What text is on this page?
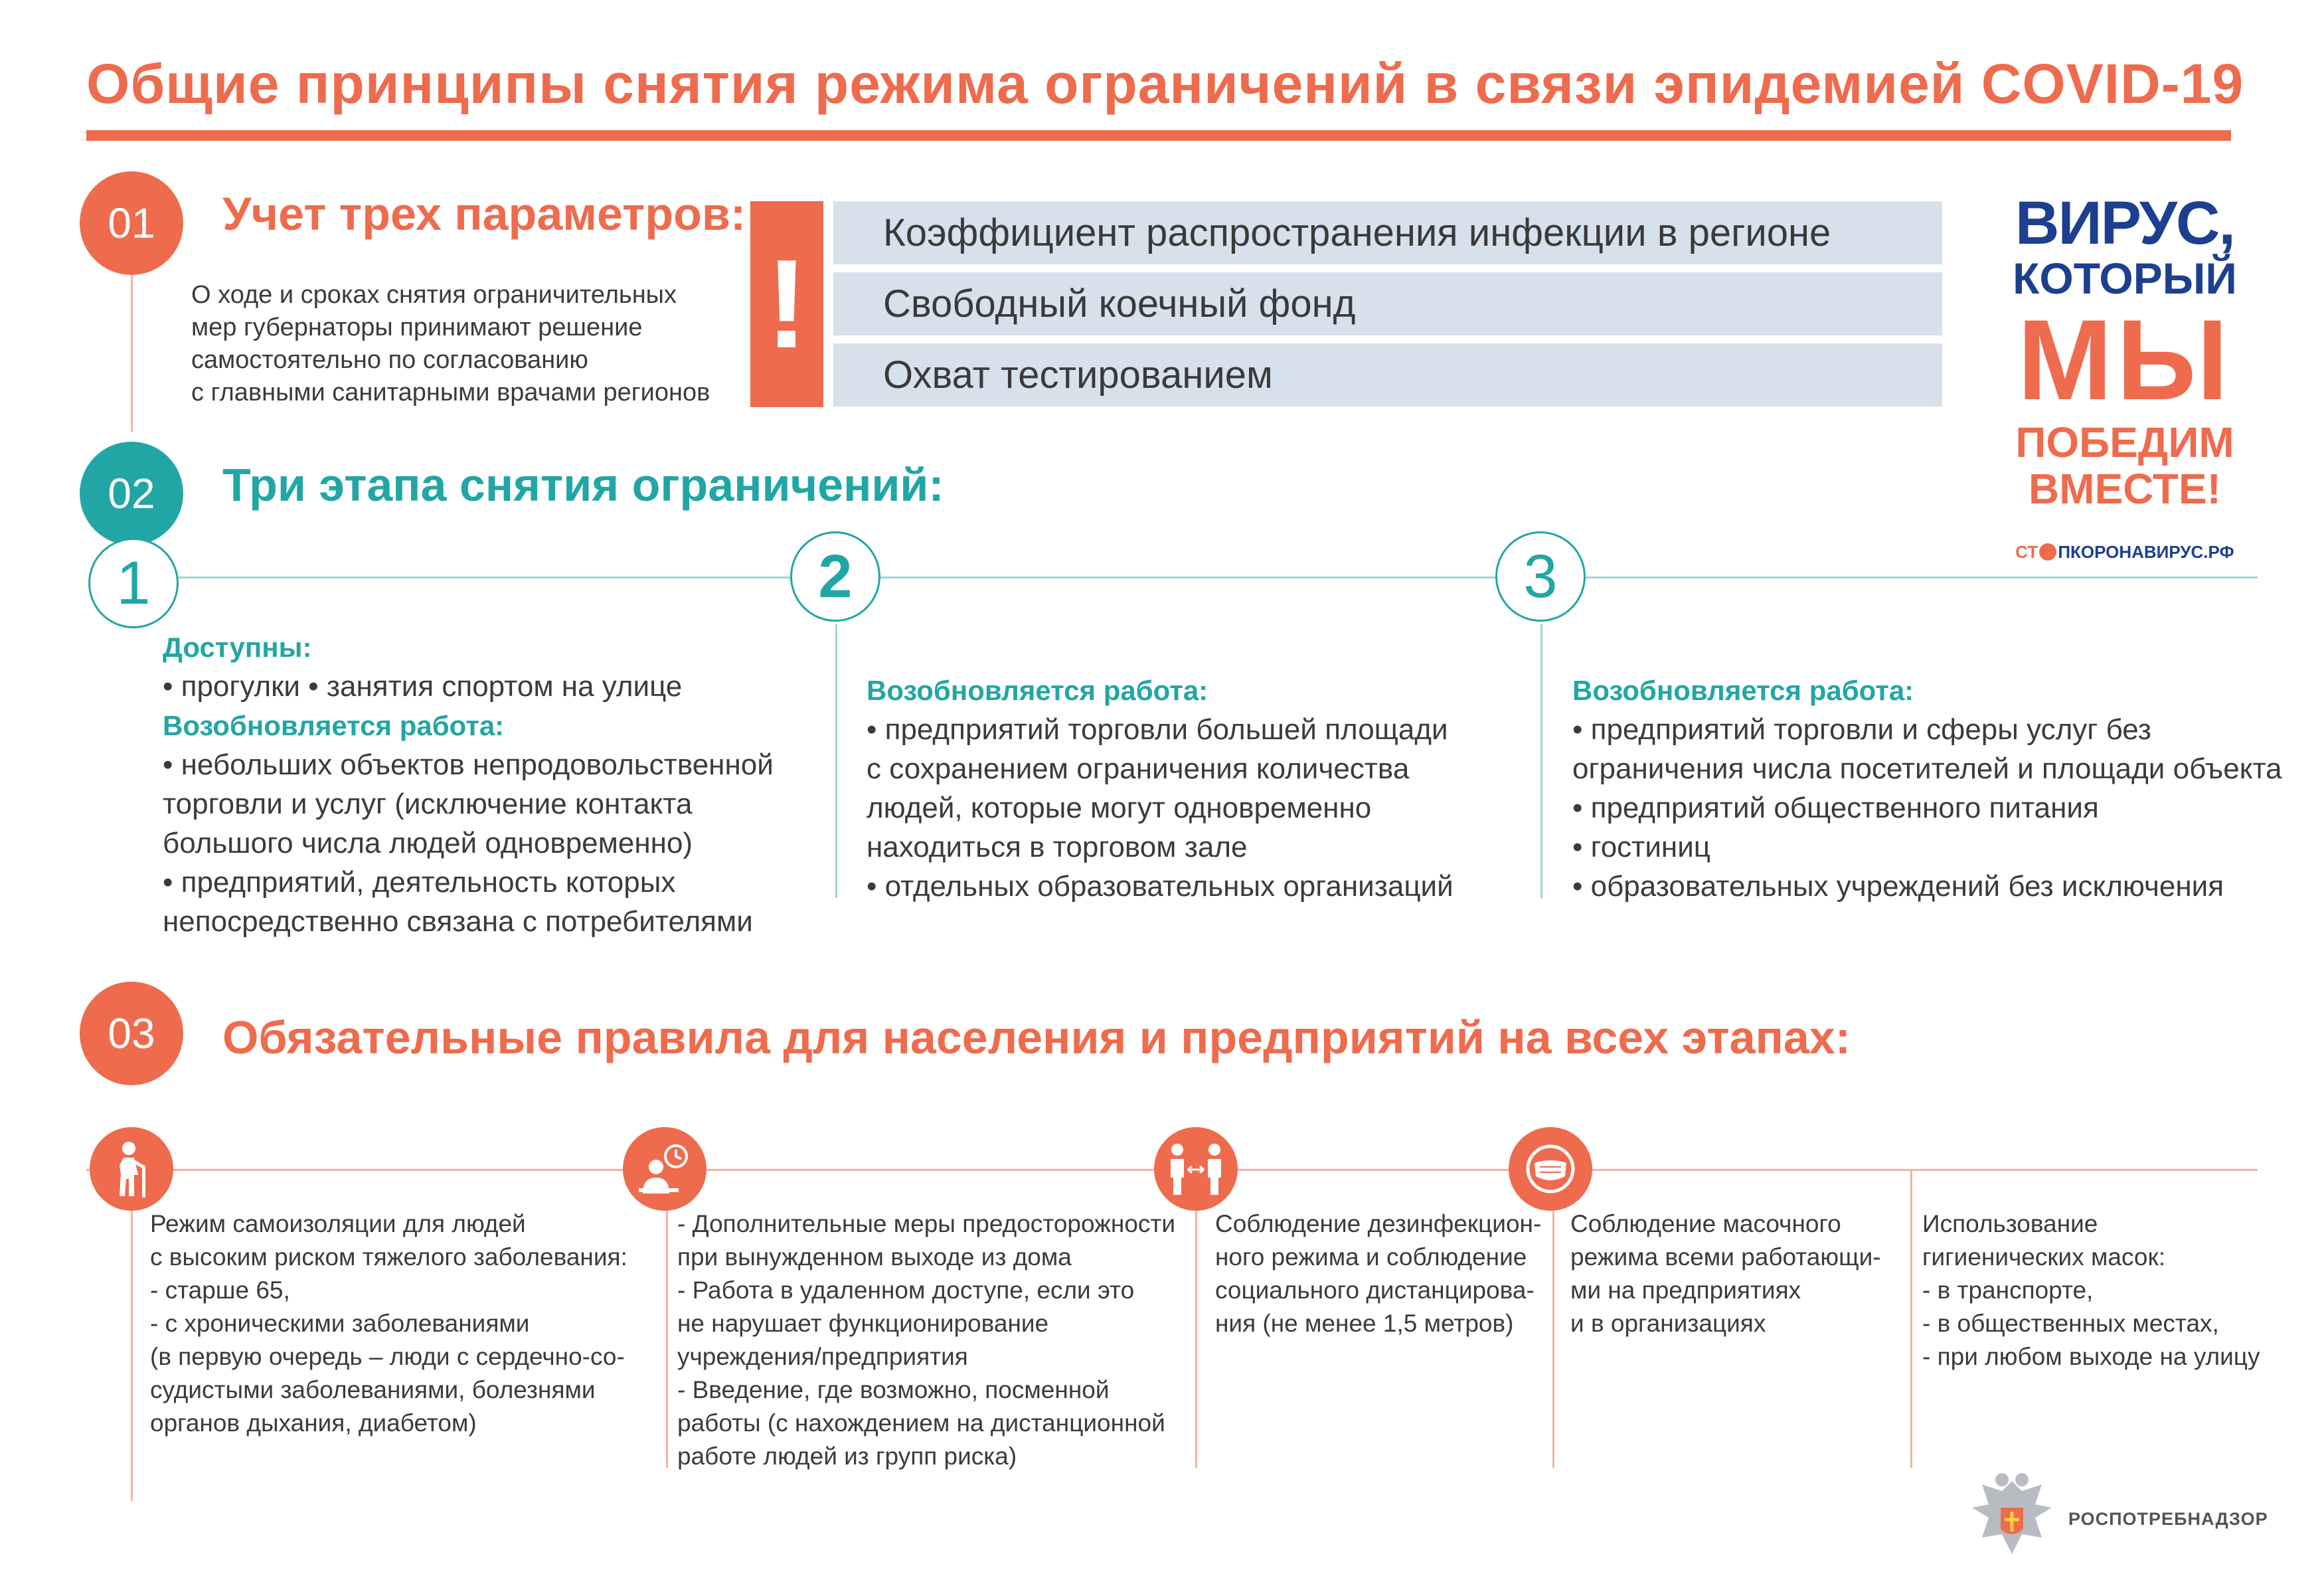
Общие принципы снятия режима ограничений в связи эпидемией COVID-19
01 Учет трех параметров:
О ходе и сроках снятия ограничительных
мер губернаторы принимают решение
самостоятельно по согласованию
с главными санитарными врачами регионов
!
Коэффициент распространения инфекции в регионе
Свободный коечный фонд
Охват тестированием
ВИРУС,
КОТОРЫЙ
МЫ
ПОБЕДИМ
ВМЕСТЕ!
СТ ПКОРОНАВИРУС.РФ
02 Три этапа снятия ограничений:
1	2	3
Доступны:
• прогулки • занятия спортом на улице
Возобновляется работа:
• небольших объектов непродовольственной
торговли и услуг (исключение контакта
большого числа людей одновременно)
• предприятий, деятельность которых
непосредственно связана с потребителями
Возобновляется работа:
• предприятий торговли большей площади
с сохранением ограничения количества
людей, которые могут одновременно
находиться в торговом зале
• отдельных образовательных организаций
Возобновляется работа:
• предприятий торговли и сферы услуг без
ограничения числа посетителей и площади объекта
• предприятий общественного питания
• гостиниц
• образовательных учреждений без исключения
03 Обязательные правила для населения и предприятий на всех этапах:
Режим самоизоляции для людей
с высоким риском тяжелого заболевания:
- старше 65,
- с хроническими заболеваниями
(в первую очередь – люди с сердечно-со-
судистыми заболеваниями, болезнями
органов дыхания, диабетом)
- Дополнительные меры предосторожности
при вынужденном выходе из дома
- Работа в удаленном доступе, если это
не нарушает функционирование
учреждения/предприятия
- Введение, где возможно, посменной
работы (с нахождением на дистанционной
работе людей из групп риска)
Соблюдение дезинфекцион-
ного режима и соблюдение
социального дистанцирова-
ния (не менее 1,5 метров)
Соблюдение масочного
режима всеми работающи-
ми на предприятиях
и в организациях
Использование
гигиенических масок:
- в транспорте,
- в общественных местах,
- при любом выходе на улицу
РОСПОТРЕБНАДЗОР
